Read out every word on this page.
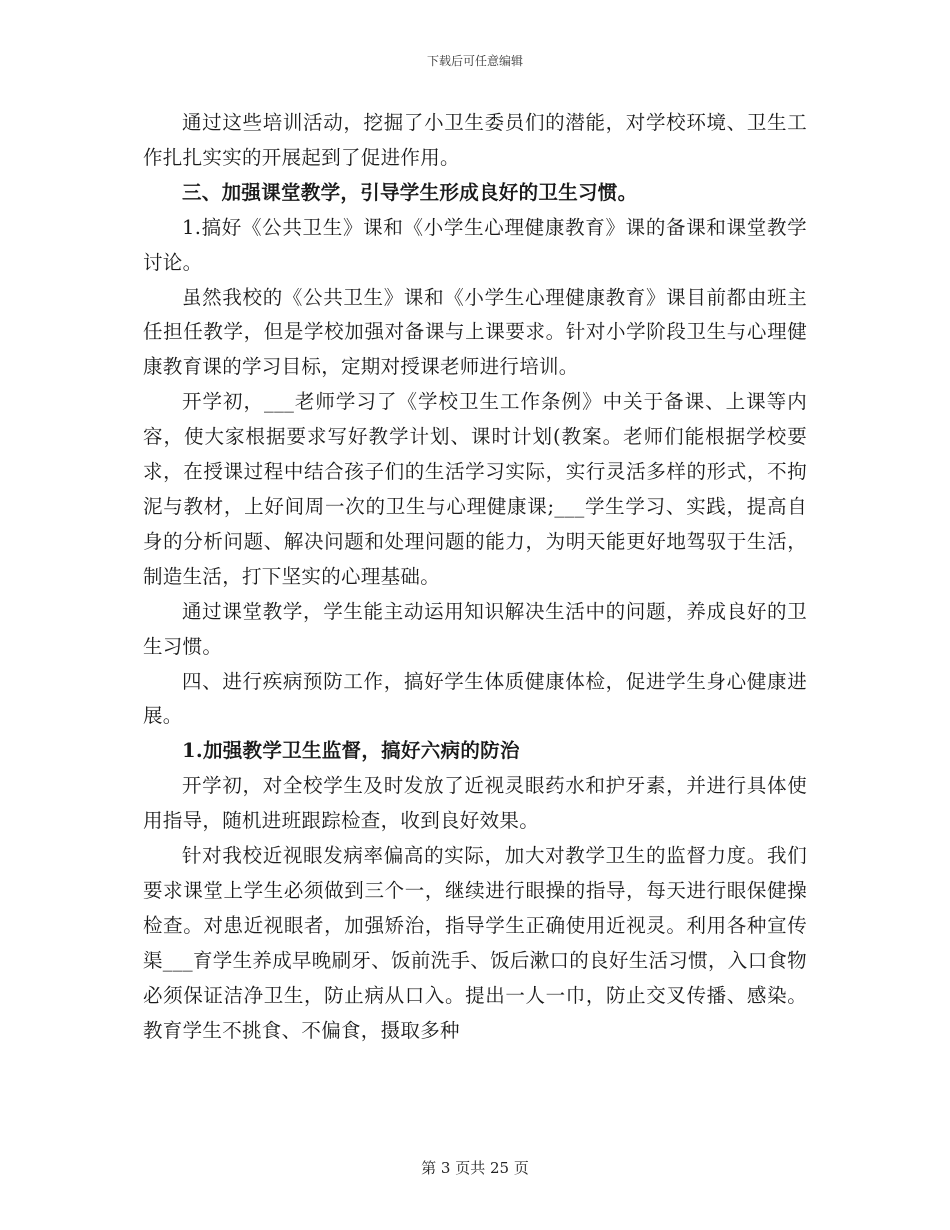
下载后可任意编辑

通过这些培训活动，挖掘了小卫生委员们的潜能，对学校环境、卫生工作扎扎实实的开展起到了促进作用。

三、加强课堂教学，引导学生形成良好的卫生习惯。

1.搞好《公共卫生》课和《小学生心理健康教育》课的备课和课堂教学讨论。

虽然我校的《公共卫生》课和《小学生心理健康教育》课目前都由班主任担任教学，但是学校加强对备课与上课要求。针对小学阶段卫生与心理健康教育课的学习目标，定期对授课老师进行培训。

开学初，___老师学习了《学校卫生工作条例》中关于备课、上课等内容，使大家根据要求写好教学计划、课时计划(教案。老师们能根据学校要求，在授课过程中结合孩子们的生活学习实际，实行灵活多样的形式，不拘泥与教材，上好间周一次的卫生与心理健康课;___学生学习、实践，提高自身的分析问题、解决问题和处理问题的能力，为明天能更好地驾驭于生活，制造生活，打下坚实的心理基础。

通过课堂教学，学生能主动运用知识解决生活中的问题，养成良好的卫生习惯。

四、进行疾病预防工作，搞好学生体质健康体检，促进学生身心健康进展。

1.加强教学卫生监督，搞好六病的防治

开学初，对全校学生及时发放了近视灵眼药水和护牙素，并进行具体使用指导，随机进班跟踪检查，收到良好效果。

针对我校近视眼发病率偏高的实际，加大对教学卫生的监督力度。我们要求课堂上学生必须做到三个一，继续进行眼操的指导，每天进行眼保健操检查。对患近视眼者，加强矫治，指导学生正确使用近视灵。利用各种宣传渠___育学生养成早晚刷牙、饭前洗手、饭后漱口的良好生活习惯，入口食物必须保证洁净卫生，防止病从口入。提出一人一巾，防止交叉传播、感染。教育学生不挑食、不偏食，摄取多种

第 3 页共 25 页
